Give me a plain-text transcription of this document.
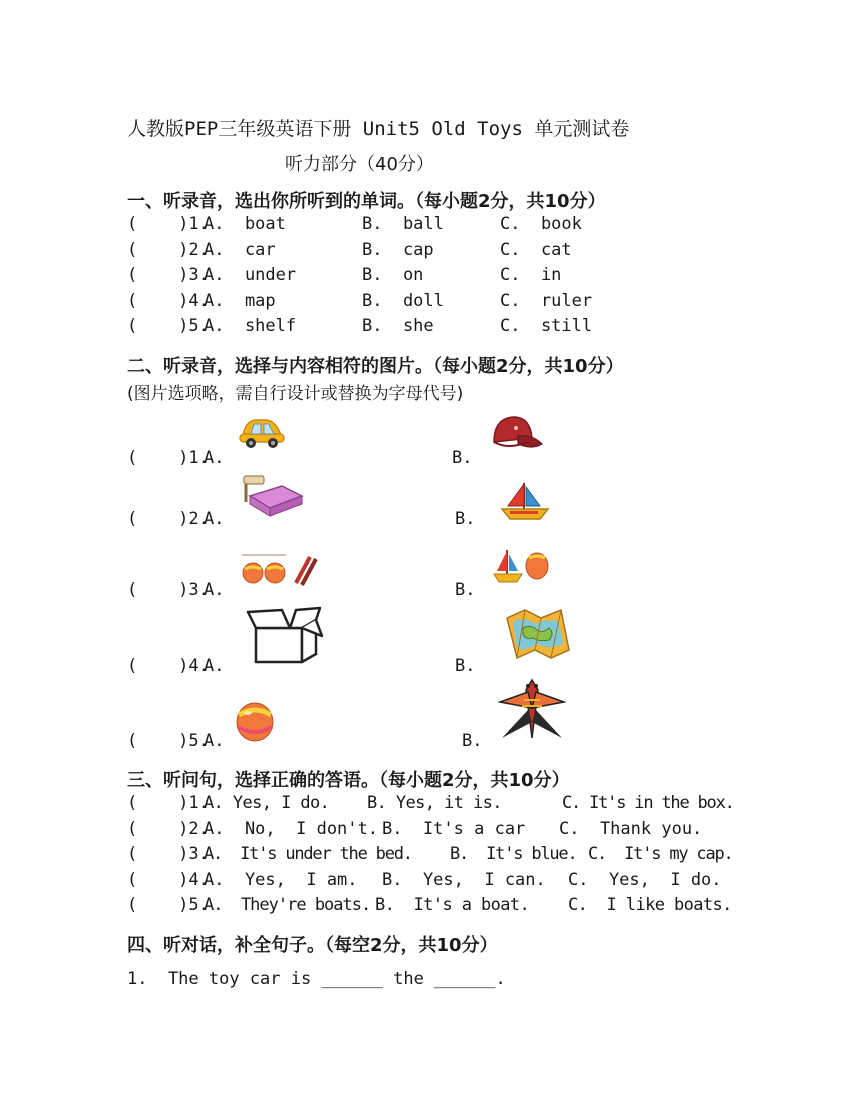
人教版PEP三年级英语下册 Unit5 Old Toys 单元测试卷
听力部分（40分）
一、听录音，选出你所听到的单词。（每小题2分，共10分）
(    )1.
A.  boat	B.  ball	C.  book
(    )2.
A.  car	B.  cap	C.  cat
(    )3.
A.  under	B.  on	C.  in
(    )4.
A.  map	B.  doll	C.  ruler
(    )5.
A.  shelf	B.  she	C.  still
二、听录音，选择与内容相符的图片。（每小题2分，共10分）
(图片选项略，需自行设计或替换为字母代号)
(    )1.
A.	B.
(    )2.
A.	B.
(    )3.
A.	B.
(    )4.
A.	B.
(    )5.
A.	B.
三、听问句，选择正确的答语。（每小题2分，共10分）
(    )1.
A. Yes, I do. B. Yes, it is.	C. It's in the box.
(    )2.
A.  No,  I don't. B.  It's a car C.  Thank you.
(    )3.
A.  It's under the bed. B.  It's blue. C.  It's my cap.
(    )4.
A.  Yes,  I am. B.  Yes,  I can. C.  Yes,  I do.
(    )5.
A.  They're boats. B.  It's a boat. C.  I like boats.
四、听对话，补全句子。（每空2分，共10分）
1.  The toy car is ______ the ______.
